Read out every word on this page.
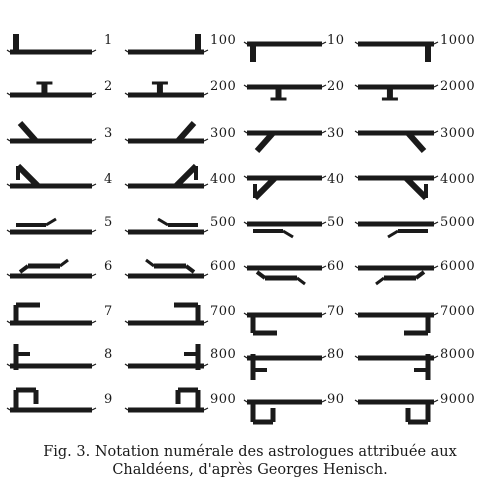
1
2
3
4
5
6
7
8
9
100
200
300
400
500
600
700
800
900
10
20
30
40
50
60
70
80
90
1000
2000
3000
4000
5000
6000
7000
8000
9000
Fig. 3. Notation numérale des astrologues attribuée aux
Chaldéens, d'après Georges Henisch.
